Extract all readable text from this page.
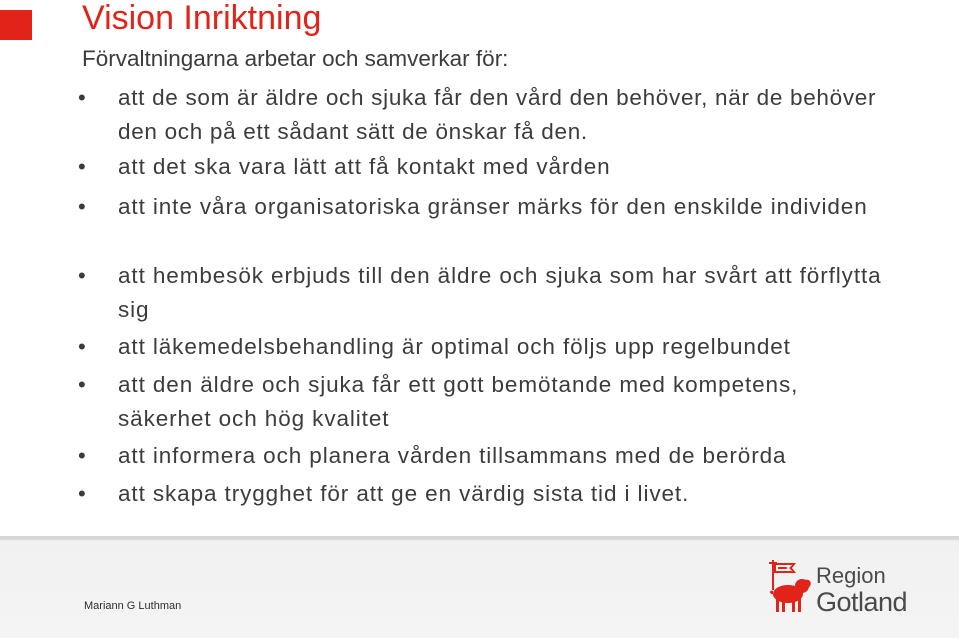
Vision Inriktning
Förvaltningarna arbetar och samverkar för:
• att de som är äldre och sjuka får den vård den behöver, när de behöver den och på ett sådant sätt de önskar få den.
• att det ska vara lätt att få kontakt med vården
• att inte våra organisatoriska gränser märks för den enskilde individen
• att hembesök erbjuds till den äldre och sjuka som har svårt att förflytta sig
• att läkemedelsbehandling är optimal och följs upp regelbundet
• att den äldre och sjuka får ett gott bemötande med kompetens, säkerhet och hög kvalitet
• att informera och planera vården tillsammans med de berörda
• att skapa trygghet för att ge en värdig sista tid i livet.
Mariann G Luthman
Region
Gotland
